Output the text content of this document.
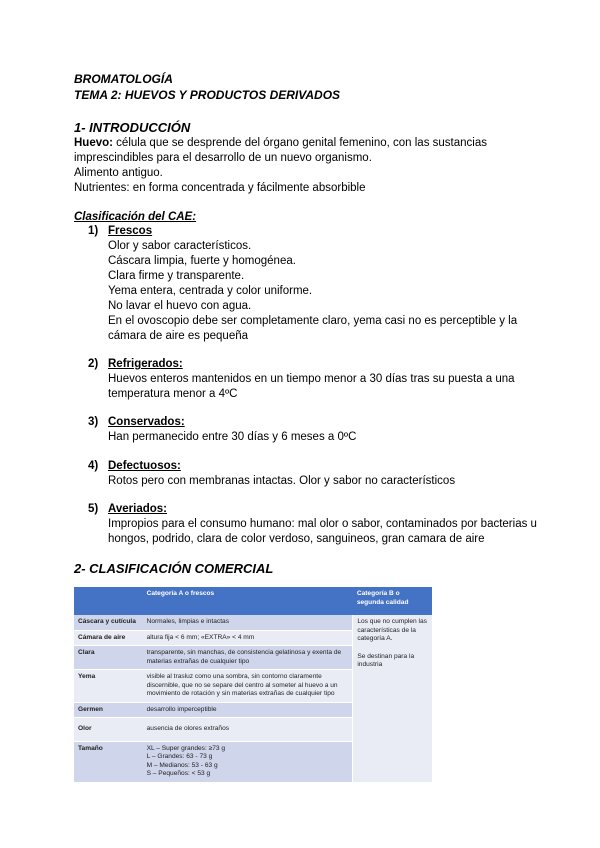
BROMATOLOGÍA
TEMA 2: HUEVOS Y PRODUCTOS DERIVADOS
1- INTRODUCCIÓN
Huevo: célula que se desprende del órgano genital femenino, con las sustancias
imprescindibles para el desarrollo de un nuevo organismo.
Alimento antiguo.
Nutrientes: en forma concentrada y fácilmente absorbible
Clasificación del CAE:
1) Frescos
Olor y sabor característicos.
Cáscara limpia, fuerte y homogénea.
Clara firme y transparente.
Yema entera, centrada y color uniforme.
No lavar el huevo con agua.
En el ovoscopio debe ser completamente claro, yema casi no es perceptible y la
cámara de aire es pequeña
2) Refrigerados:
Huevos enteros mantenidos en un tiempo menor a 30 días tras su puesta a una
temperatura menor a 4ºC
3) Conservados:
Han permanecido entre 30 días y 6 meses a 0ºC
4) Defectuosos:
Rotos pero con membranas intactas. Olor y sabor no característicos
5) Averiados:
Impropios para el consumo humano: mal olor o sabor, contaminados por bacterias u
hongos, podrido, clara de color verdoso, sanguineos, gran camara de aire
2- CLASIFICACIÓN COMERCIAL
	Categoría A o frescos	Categoría B o segunda calidad
Cáscara y cutícula	Normales, limpias e intactas	Los que no cumplen las características de la categoría A.
Se destinan para la industria

Cámara de aire	altura fija < 6 mm; «EXTRA» < 4 mm	
Clara	transparente, sin manchas, de consistencia gelatinosa y exenta de materias extrañas de cualquier tipo	
Yema	visible al trasluz como una sombra, sin contorno claramente discernible, que no se separe del centro al someter al huevo a un movimiento de rotación y sin materias extrañas de cualquier tipo	
Germen	desarrollo imperceptible	
Olor	ausencia de olores extraños	
Tamaño	XL – Super grandes: ≥73 g
L – Grandes: 63 - 73 g
M – Medianos: 53 - 63 g
S – Pequeños: < 53 g	
